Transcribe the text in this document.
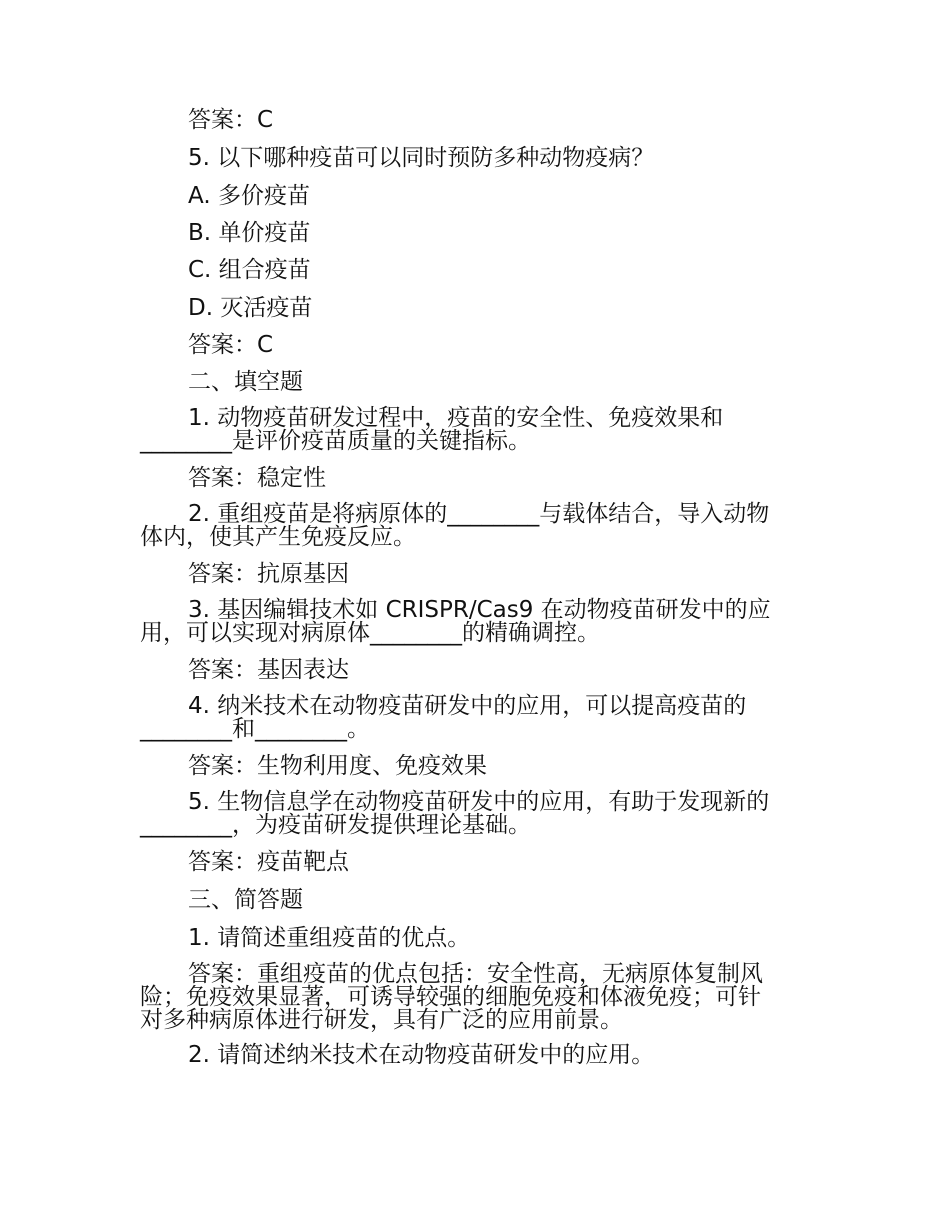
答案：C
5. 以下哪种疫苗可以同时预防多种动物疫病？
A. 多价疫苗
B. 单价疫苗
C. 组合疫苗
D. 灭活疫苗
答案：C
二、填空题
1. 动物疫苗研发过程中，疫苗的安全性、免疫效果和
________是评价疫苗质量的关键指标。
答案：稳定性
2. 重组疫苗是将病原体的________与载体结合，导入动物
体内，使其产生免疫反应。
答案：抗原基因
3. 基因编辑技术如 CRISPR/Cas9 在动物疫苗研发中的应
用，可以实现对病原体________的精确调控。
答案：基因表达
4. 纳米技术在动物疫苗研发中的应用，可以提高疫苗的
________和________。
答案：生物利用度、免疫效果
5. 生物信息学在动物疫苗研发中的应用，有助于发现新的
________，为疫苗研发提供理论基础。
答案：疫苗靶点
三、简答题
1. 请简述重组疫苗的优点。
答案：重组疫苗的优点包括：安全性高，无病原体复制风
险；免疫效果显著，可诱导较强的细胞免疫和体液免疫；可针
对多种病原体进行研发，具有广泛的应用前景。
2. 请简述纳米技术在动物疫苗研发中的应用。
